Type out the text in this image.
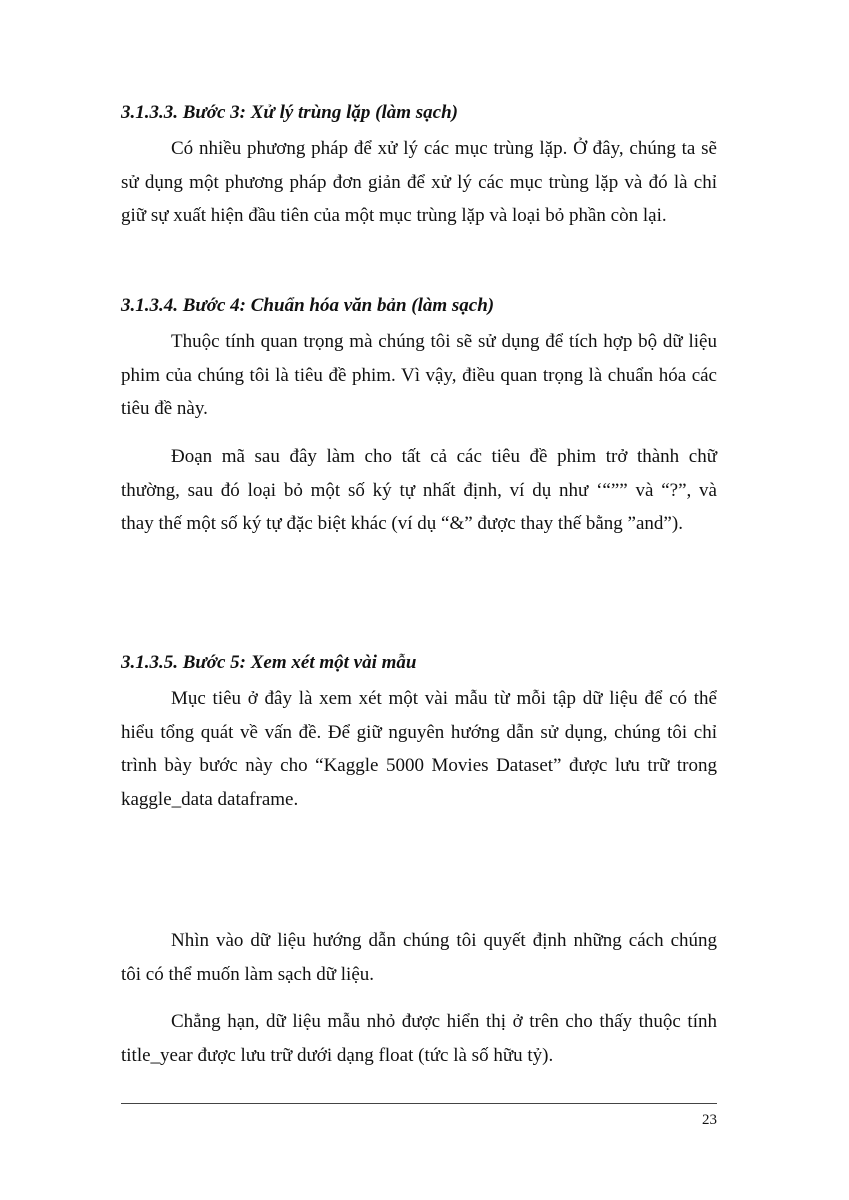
3.1.3.3. Bước 3: Xử lý trùng lặp (làm sạch)
Có nhiều phương pháp để xử lý các mục trùng lặp. Ở đây, chúng ta sẽ
sử dụng một phương pháp đơn giản để xử lý các mục trùng lặp và đó là chỉ
giữ sự xuất hiện đầu tiên của một mục trùng lặp và loại bỏ phần còn lại.
3.1.3.4. Bước 4: Chuẩn hóa văn bản (làm sạch)
Thuộc tính quan trọng mà chúng tôi sẽ sử dụng để tích hợp bộ dữ liệu
phim của chúng tôi là tiêu đề phim. Vì vậy, điều quan trọng là chuẩn hóa các
tiêu đề này.
Đoạn mã sau đây làm cho tất cả các tiêu đề phim trở thành chữ
thường, sau đó loại bỏ một số ký tự nhất định, ví dụ như ‘“”” và “?”, và
thay thế một số ký tự đặc biệt khác (ví dụ “&” được thay thế bằng ”and”).
3.1.3.5. Bước 5: Xem xét một vài mẫu
Mục tiêu ở đây là xem xét một vài mẫu từ mỗi tập dữ liệu để có thể
hiểu tổng quát về vấn đề. Để giữ nguyên hướng dẫn sử dụng, chúng tôi chỉ
trình bày bước này cho “Kaggle 5000 Movies Dataset” được lưu trữ trong
kaggle_data dataframe.
Nhìn vào dữ liệu hướng dẫn chúng tôi quyết định những cách chúng
tôi có thể muốn làm sạch dữ liệu.
Chẳng hạn, dữ liệu mẫu nhỏ được hiển thị ở trên cho thấy thuộc tính
title_year được lưu trữ dưới dạng float (tức là số hữu tỷ).
23
